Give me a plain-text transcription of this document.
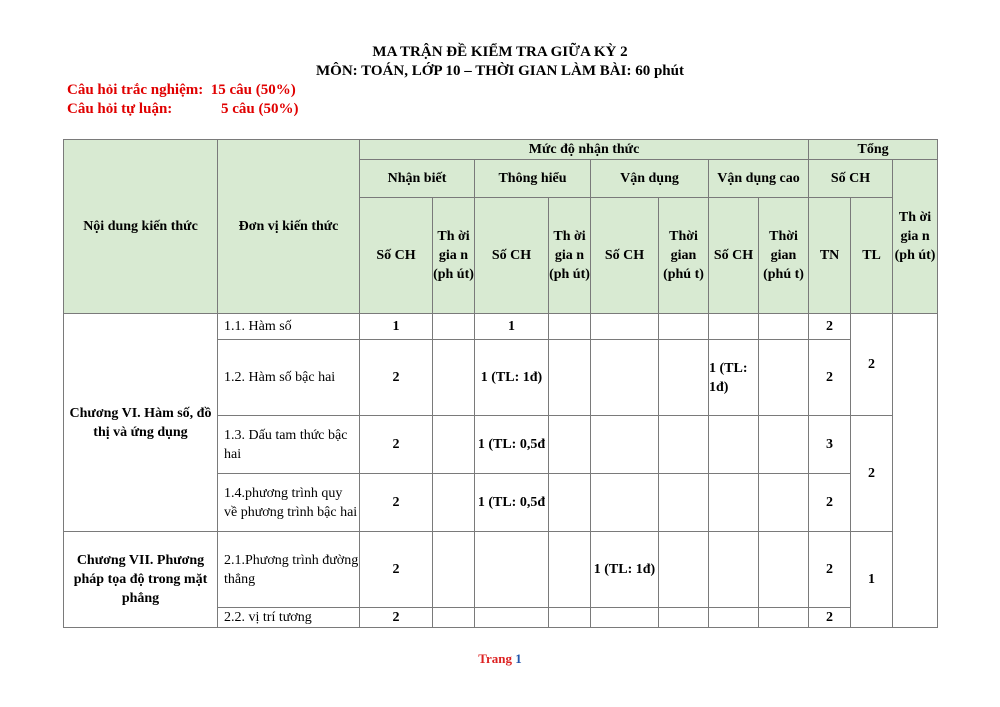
MA TRẬN ĐỀ KIỂM TRA GIỮA KỲ 2
MÔN: TOÁN, LỚP 10 – THỜI GIAN LÀM BÀI: 60 phút
Câu hỏi trắc nghiệm: 15 câu (50%)
Câu hỏi tự luận:	5 câu (50%)
Nội dung kiến thức	Đơn vị kiến thức	Mức độ nhận thức								Tổng		
		Nhận biết		Thông hiểu		Vận dụng		Vận dụng cao		Số CH		Th ời gia n (ph út)
		Số CH	Th ời gia n (ph út)	Số CH	Th ời gia n (ph út)	Số CH	Thời gian (phú t)	Số CH	Thời gian (phú t)	TN	TL	
Chương VI. Hàm số, đồ thị và ứng dụng	1.1. Hàm số	1		1						2	2	
	1.2. Hàm số bậc hai	2		1 (TL: 1đ)				1 (TL: 1đ)		2		
	1.3. Dấu tam thức bậc hai	2		1 (TL: 0,5đ						3	2	
	1.4.phương trình quy về phương trình bậc hai	2		1 (TL: 0,5đ						2		
Chương VII. Phương pháp tọa độ trong mặt phẳng	2.1.Phương trình đường thẳng	2				1 (TL: 1đ)				2	1	
	2.2. vị trí tương	2								2		
Trang 1
